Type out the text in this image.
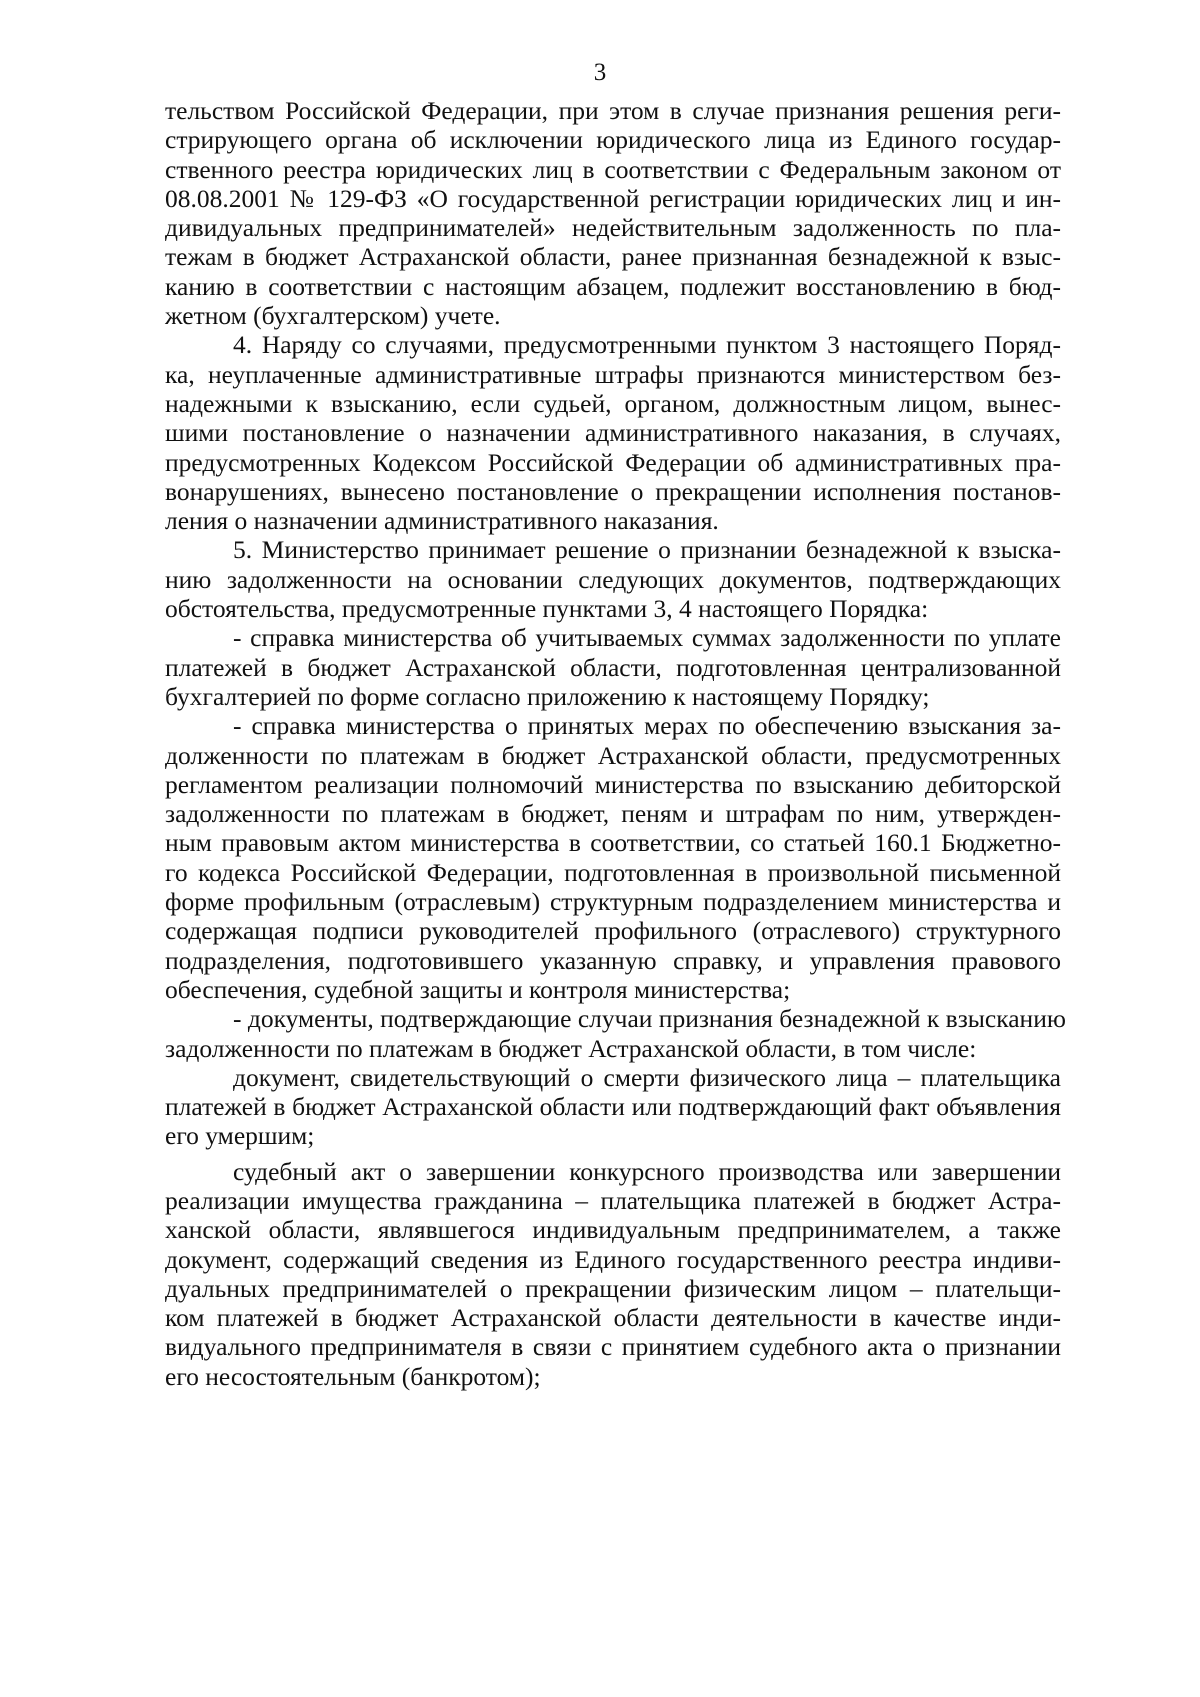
3
тельством Российской Федерации, при этом в случае признания решения реги-
стрирующего органа об исключении юридического лица из Единого государ-
ственного реестра юридических лиц в соответствии с Федеральным законом от
08.08.2001 № 129-ФЗ «О государственной регистрации юридических лиц и ин-
дивидуальных предпринимателей» недействительным задолженность по пла-
тежам в бюджет Астраханской области, ранее признанная безнадежной к взыс-
канию в соответствии с настоящим абзацем, подлежит восстановлению в бюд-
жетном (бухгалтерском) учете.
4. Наряду со случаями, предусмотренными пунктом 3 настоящего Поряд-
ка, неуплаченные административные штрафы признаются министерством без-
надежными к взысканию, если судьей, органом, должностным лицом, вынес-
шими постановление о назначении административного наказания, в случаях,
предусмотренных Кодексом Российской Федерации об административных пра-
вонарушениях, вынесено постановление о прекращении исполнения постанов-
ления о назначении административного наказания.
5. Министерство принимает решение о признании безнадежной к взыска-
нию задолженности на основании следующих документов, подтверждающих
обстоятельства, предусмотренные пунктами 3, 4 настоящего Порядка:
- справка министерства об учитываемых суммах задолженности по уплате
платежей в бюджет Астраханской области, подготовленная централизованной
бухгалтерией по форме согласно приложению к настоящему Порядку;
- справка министерства о принятых мерах по обеспечению взыскания за-
долженности по платежам в бюджет Астраханской области, предусмотренных
регламентом реализации полномочий министерства по взысканию дебиторской
задолженности по платежам в бюджет, пеням и штрафам по ним, утвержден-
ным правовым актом министерства в соответствии, со статьей 160.1 Бюджетно-
го кодекса Российской Федерации, подготовленная в произвольной письменной
форме профильным (отраслевым) структурным подразделением министерства и
содержащая подписи руководителей профильного (отраслевого) структурного
подразделения, подготовившего указанную справку, и управления правового
обеспечения, судебной защиты и контроля министерства;
- документы, подтверждающие случаи признания безнадежной к взысканию
задолженности по платежам в бюджет Астраханской области, в том числе:
документ, свидетельствующий о смерти физического лица – плательщика
платежей в бюджет Астраханской области или подтверждающий факт объявления
его умершим;
судебный акт о завершении конкурсного производства или завершении
реализации имущества гражданина – плательщика платежей в бюджет Астра-
ханской области, являвшегося индивидуальным предпринимателем, а также
документ, содержащий сведения из Единого государственного реестра индиви-
дуальных предпринимателей о прекращении физическим лицом – плательщи-
ком платежей в бюджет Астраханской области деятельности в качестве инди-
видуального предпринимателя в связи с принятием судебного акта о признании
его несостоятельным (банкротом);
